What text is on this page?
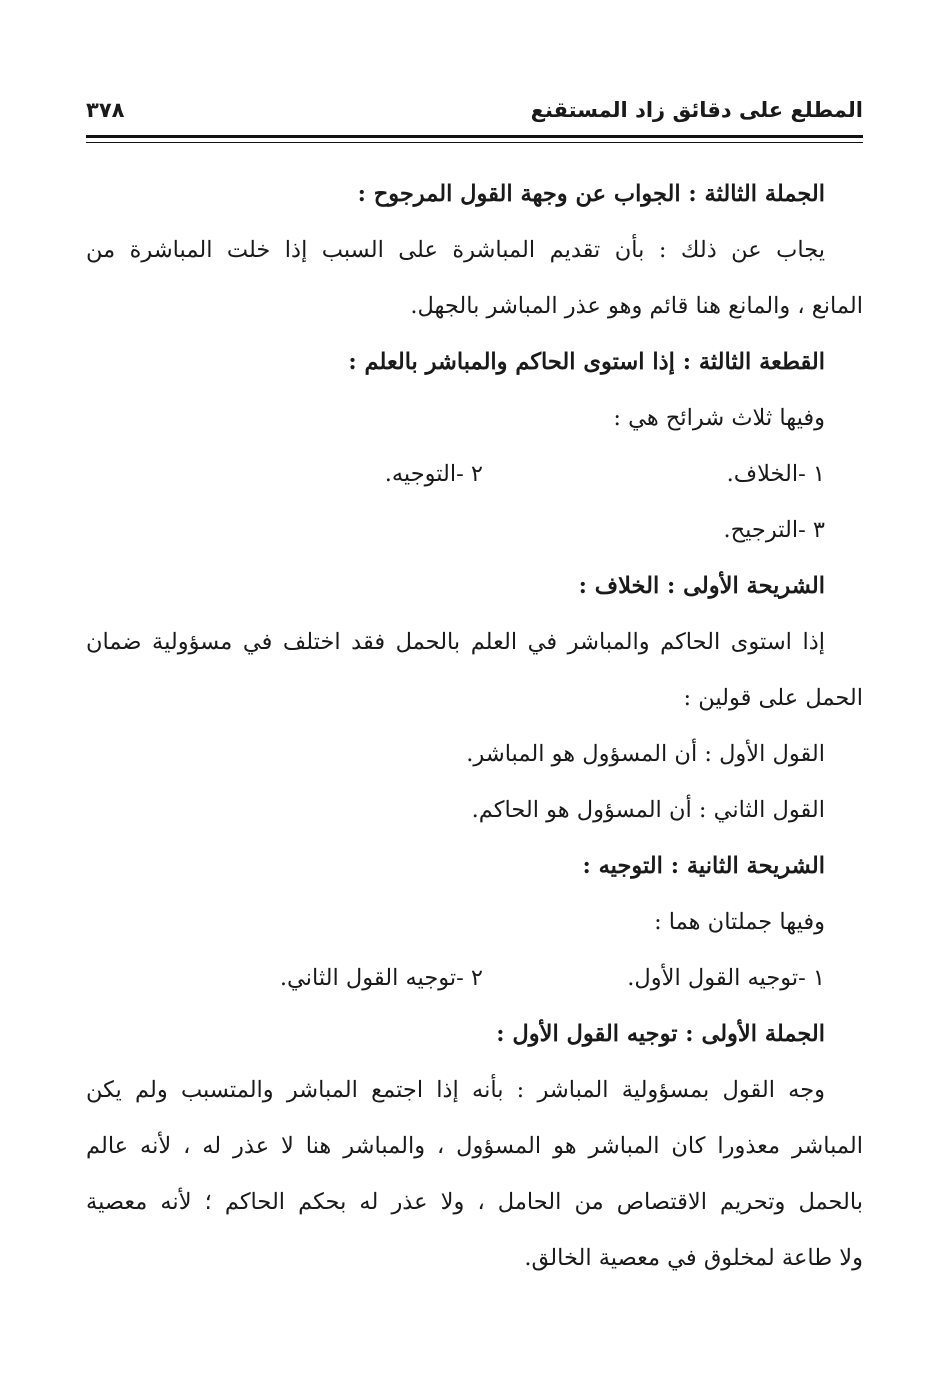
المطلع على دقائق زاد المستقنع
٣٧٨
الجملة الثالثة : الجواب عن وجهة القول المرجوح :
يجاب عن ذلك : بأن تقديم المباشرة على السبب إذا خلت المباشرة من
المانع ، والمانع هنا قائم وهو عذر المباشر بالجهل.
القطعة الثالثة : إذا استوى الحاكم والمباشر بالعلم :
وفيها ثلاث شرائح هي :
١ -الخلاف.
٢ -التوجيه.
٣ -الترجيح.
الشريحة الأولى : الخلاف :
إذا استوى الحاكم والمباشر في العلم بالحمل فقد اختلف في مسؤولية ضمان
الحمل على قولين :
القول الأول : أن المسؤول هو المباشر.
القول الثاني : أن المسؤول هو الحاكم.
الشريحة الثانية : التوجيه :
وفيها جملتان هما :
١ -توجيه القول الأول.
٢ -توجيه القول الثاني.
الجملة الأولى : توجيه القول الأول :
وجه القول بمسؤولية المباشر : بأنه إذا اجتمع المباشر والمتسبب ولم يكن
المباشر معذورا كان المباشر هو المسؤول ، والمباشر هنا لا عذر له ، لأنه عالم
بالحمل وتحريم الاقتصاص من الحامل ، ولا عذر له بحكم الحاكم ؛ لأنه معصية
ولا طاعة لمخلوق في معصية الخالق.
